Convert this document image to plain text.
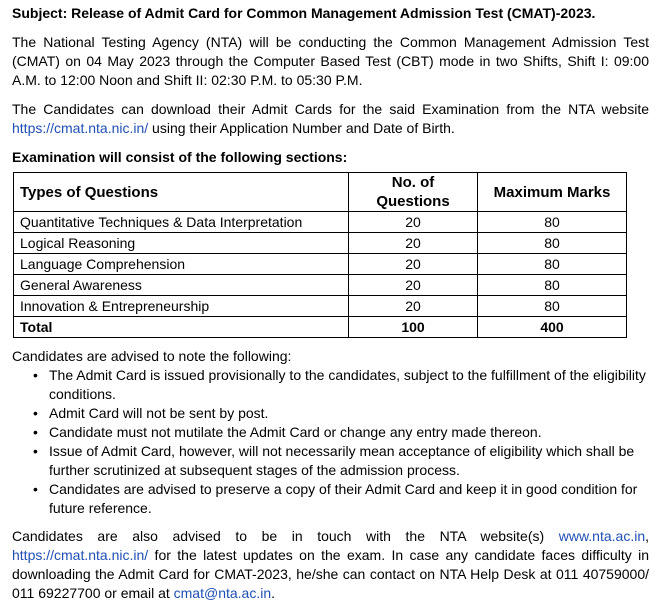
Subject: Release of Admit Card for Common Management Admission Test (CMAT)-2023.

The National Testing Agency (NTA) will be conducting the Common Management Admission Test (CMAT) on 04 May 2023 through the Computer Based Test (CBT) mode in two Shifts, Shift I: 09:00 A.M. to 12:00 Noon and Shift II: 02:30 P.M. to 05:30 P.M.

The Candidates can download their Admit Cards for the said Examination from the NTA website https://cmat.nta.nic.in/ using their Application Number and Date of Birth.

Examination will consist of the following sections:

Types of Questions	No. of Questions	Maximum Marks
Quantitative Techniques & Data Interpretation	20	80
Logical Reasoning	20	80
Language Comprehension	20	80
General Awareness	20	80
Innovation & Entrepreneurship	20	80
Total	100	400

Candidates are advised to note the following:

• The Admit Card is issued provisionally to the candidates, subject to the fulfillment of the eligibility conditions.
• Admit Card will not be sent by post.
• Candidate must not mutilate the Admit Card or change any entry made thereon.
• Issue of Admit Card, however, will not necessarily mean acceptance of eligibility which shall be further scrutinized at subsequent stages of the admission process.
• Candidates are advised to preserve a copy of their Admit Card and keep it in good condition for future reference.

Candidates are also advised to be in touch with the NTA website(s) www.nta.ac.in, https://cmat.nta.nic.in/ for the latest updates on the exam. In case any candidate faces difficulty in downloading the Admit Card for CMAT-2023, he/she can contact on NTA Help Desk at 011 40759000/ 011 69227700 or email at cmat@nta.ac.in.
